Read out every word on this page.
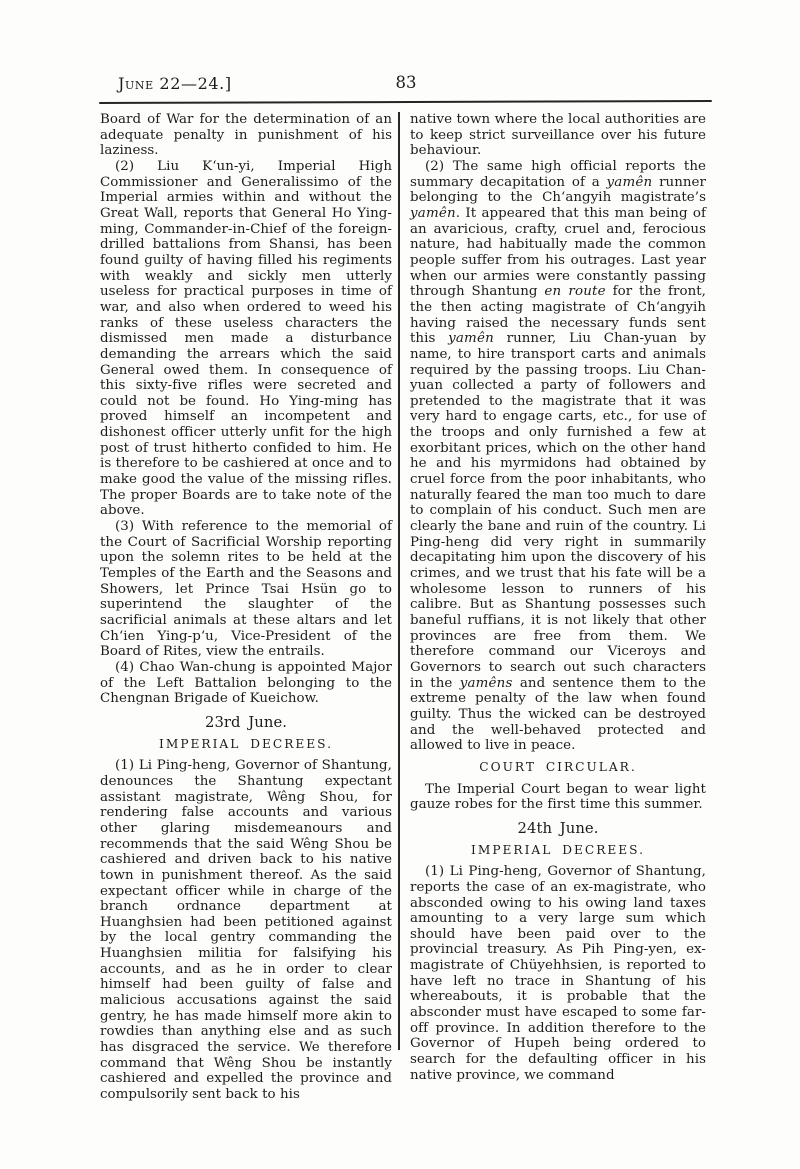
June 22—24.]	83

Board of War for the determination of an adequate penalty in punishment of his laziness.

(2) Liu K‘un-yi, Imperial High Commissioner and Generalissimo of the Imperial armies within and without the Great Wall, reports that General Ho Ying-ming, Commander-in-Chief of the foreign-drilled battalions from Shansi, has been found guilty of having filled his regiments with weakly and sickly men utterly useless for practical purposes in time of war, and also when ordered to weed his ranks of these useless characters the dismissed men made a disturbance demanding the arrears which the said General owed them. In consequence of this sixty-five rifles were secreted and could not be found. Ho Ying-ming has proved himself an incompetent and dishonest officer utterly unfit for the high post of trust hitherto confided to him. He is therefore to be cashiered at once and to make good the value of the missing rifles. The proper Boards are to take note of the above.

(3) With reference to the memorial of the Court of Sacrificial Worship reporting upon the solemn rites to be held at the Temples of the Earth and the Seasons and Showers, let Prince Tsai Hsün go to superintend the slaughter of the sacrificial animals at these altars and let Ch‘ien Ying-p‘u, Vice-President of the Board of Rites, view the entrails.

(4) Chao Wan-chung is appointed Major of the Left Battalion belonging to the Chengnan Brigade of Kueichow.

23rd June.

IMPERIAL DECREES.

(1) Li Ping-heng, Governor of Shantung, denounces the Shantung expectant assistant magistrate, Wêng Shou, for rendering false accounts and various other glaring misdemeanours and recommends that the said Wêng Shou be cashiered and driven back to his native town in punishment thereof. As the said expectant officer while in charge of the branch ordnance department at Huanghsien had been petitioned against by the local gentry commanding the Huanghsien militia for falsifying his accounts, and as he in order to clear himself had been guilty of false and malicious accusations against the said gentry, he has made himself more akin to rowdies than anything else and as such has disgraced the service. We therefore command that Wêng Shou be instantly cashiered and expelled the province and compulsorily sent back to his

native town where the local authorities are to keep strict surveillance over his future behaviour.

(2) The same high official reports the summary decapitation of a yamên runner belonging to the Ch‘angyih magistrate’s yamên. It appeared that this man being of an avaricious, crafty, cruel and, ferocious nature, had habitually made the common people suffer from his outrages. Last year when our armies were constantly passing through Shantung en route for the front, the then acting magistrate of Ch‘angyih having raised the necessary funds sent this yamên runner, Liu Chan-yuan by name, to hire transport carts and animals required by the passing troops. Liu Chan-yuan collected a party of followers and pretended to the magistrate that it was very hard to engage carts, etc., for use of the troops and only furnished a few at exorbitant prices, which on the other hand he and his myrmidons had obtained by cruel force from the poor inhabitants, who naturally feared the man too much to dare to complain of his conduct. Such men are clearly the bane and ruin of the country. Li Ping-heng did very right in summarily decapitating him upon the discovery of his crimes, and we trust that his fate will be a wholesome lesson to runners of his calibre. But as Shantung possesses such baneful ruffians, it is not likely that other provinces are free from them. We therefore command our Viceroys and Governors to search out such characters in the yamêns and sentence them to the extreme penalty of the law when found guilty. Thus the wicked can be destroyed and the well-behaved protected and allowed to live in peace.

COURT CIRCULAR.

The Imperial Court began to wear light gauze robes for the first time this summer.

24th June.

IMPERIAL DECREES.

(1) Li Ping-heng, Governor of Shantung, reports the case of an ex-magistrate, who absconded owing to his owing land taxes amounting to a very large sum which should have been paid over to the provincial treasury. As Pih Ping-yen, ex-magistrate of Chüyehhsien, is reported to have left no trace in Shantung of his whereabouts, it is probable that the absconder must have escaped to some far-off province. In addition therefore to the Governor of Hupeh being ordered to search for the defaulting officer in his native province, we command
